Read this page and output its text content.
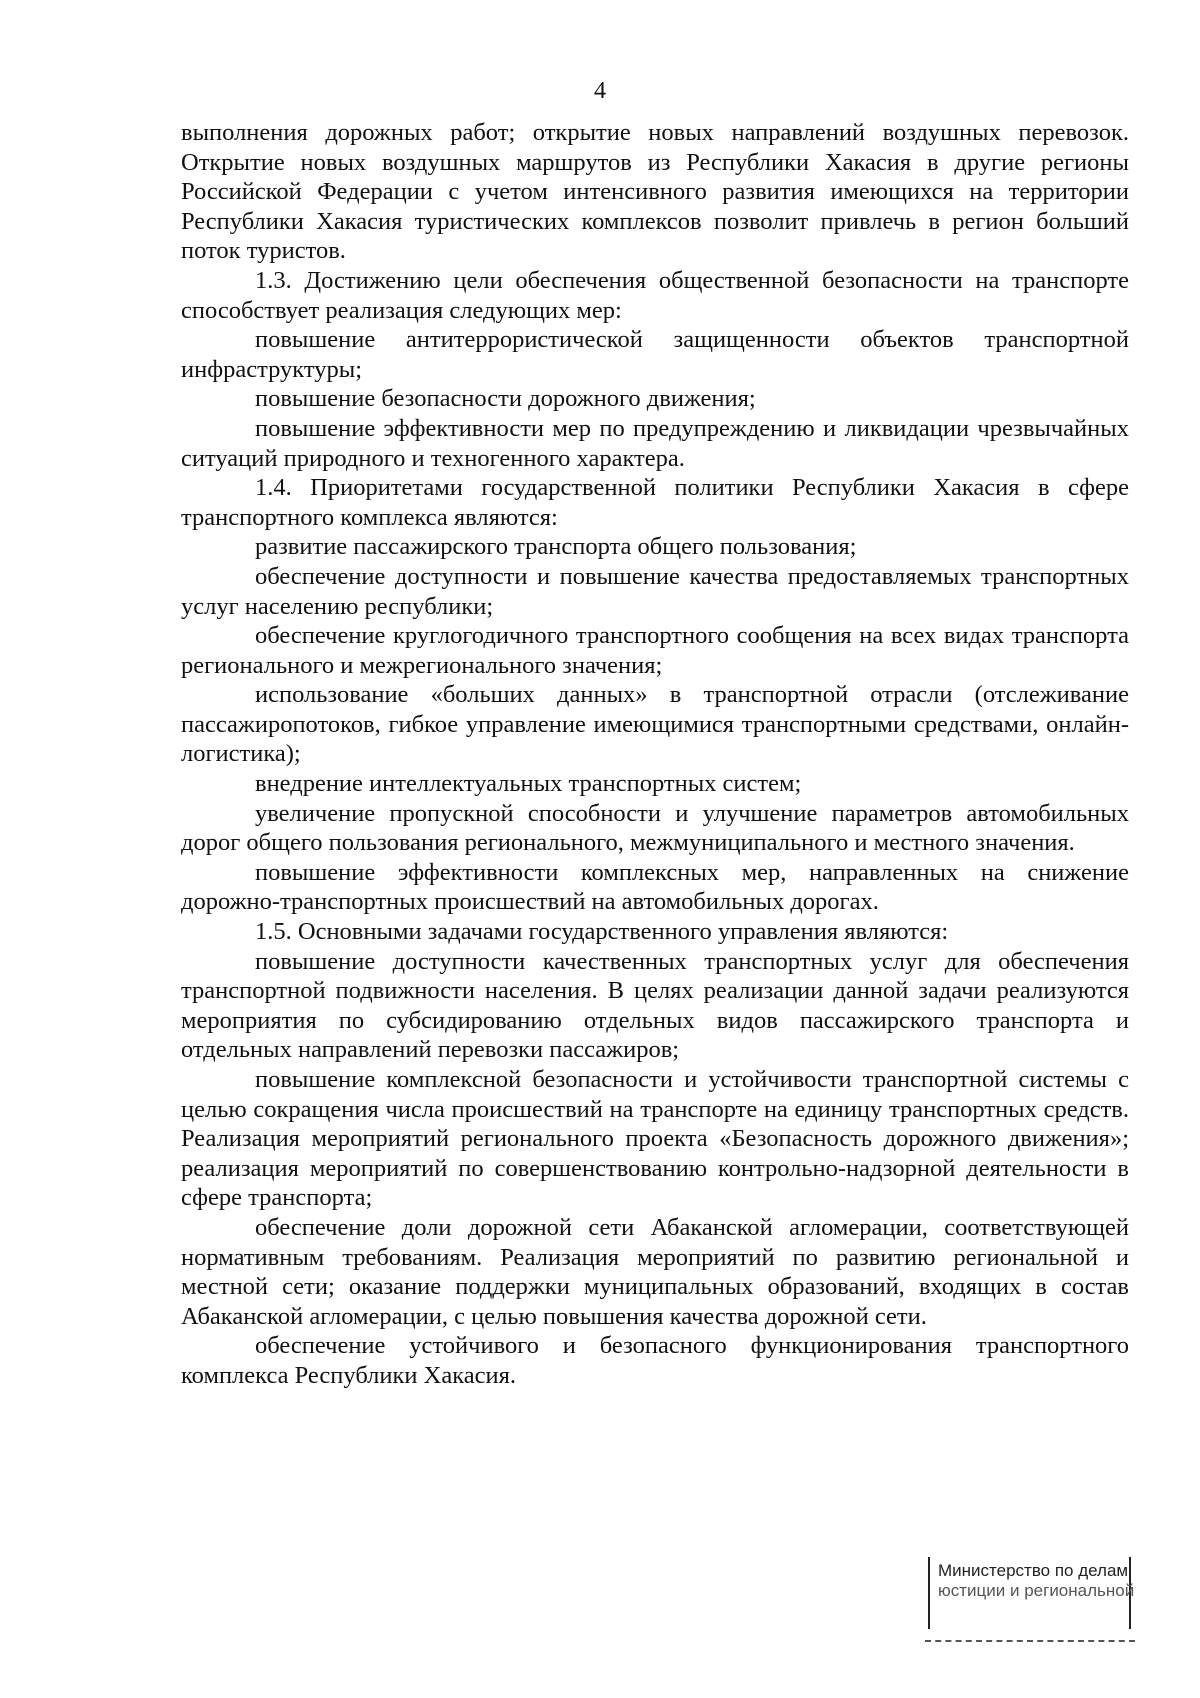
4

выполнения дорожных работ; открытие новых направлений воздушных перевозок. Открытие новых воздушных маршрутов из Республики Хакасия в другие регионы Российской Федерации с учетом интенсивного развития имеющихся на территории Республики Хакасия туристических комплексов позволит привлечь в регион больший поток туристов.

1.3. Достижению цели обеспечения общественной безопасности на транспорте способствует реализация следующих мер:

повышение антитеррористической защищенности объектов транспортной инфраструктуры;

повышение безопасности дорожного движения;

повышение эффективности мер по предупреждению и ликвидации чрезвычайных ситуаций природного и техногенного характера.

1.4. Приоритетами государственной политики Республики Хакасия в сфере транспортного комплекса являются:

развитие пассажирского транспорта общего пользования;

обеспечение доступности и повышение качества предоставляемых транспортных услуг населению республики;

обеспечение круглогодичного транспортного сообщения на всех видах транспорта регионального и межрегионального значения;

использование «больших данных» в транспортной отрасли (отслеживание пассажиропотоков, гибкое управление имеющимися транспортными средствами, онлайн-логистика);

внедрение интеллектуальных транспортных систем;

увеличение пропускной способности и улучшение параметров автомобильных дорог общего пользования регионального, межмуниципального и местного значения.

повышение эффективности комплексных мер, направленных на снижение дорожно-транспортных происшествий на автомобильных дорогах.

1.5. Основными задачами государственного управления являются:

повышение доступности качественных транспортных услуг для обеспечения транспортной подвижности населения. В целях реализации данной задачи реализуются мероприятия по субсидированию отдельных видов пассажирского транспорта и отдельных направлений перевозки пассажиров;

повышение комплексной безопасности и устойчивости транспортной системы с целью сокращения числа происшествий на транспорте на единицу транспортных средств. Реализация мероприятий регионального проекта «Безопасность дорожного движения»; реализация мероприятий по совершенствованию контрольно-надзорной деятельности в сфере транспорта;

обеспечение доли дорожной сети Абаканской агломерации, соответствующей нормативным требованиям. Реализация мероприятий по развитию региональной и местной сети; оказание поддержки муниципальных образований, входящих в состав Абаканской агломерации, с целью повышения качества дорожной сети.

обеспечение устойчивого и безопасного функционирования транспортного комплекса Республики Хакасия.

Министерство по делам
юстиции и региональной
